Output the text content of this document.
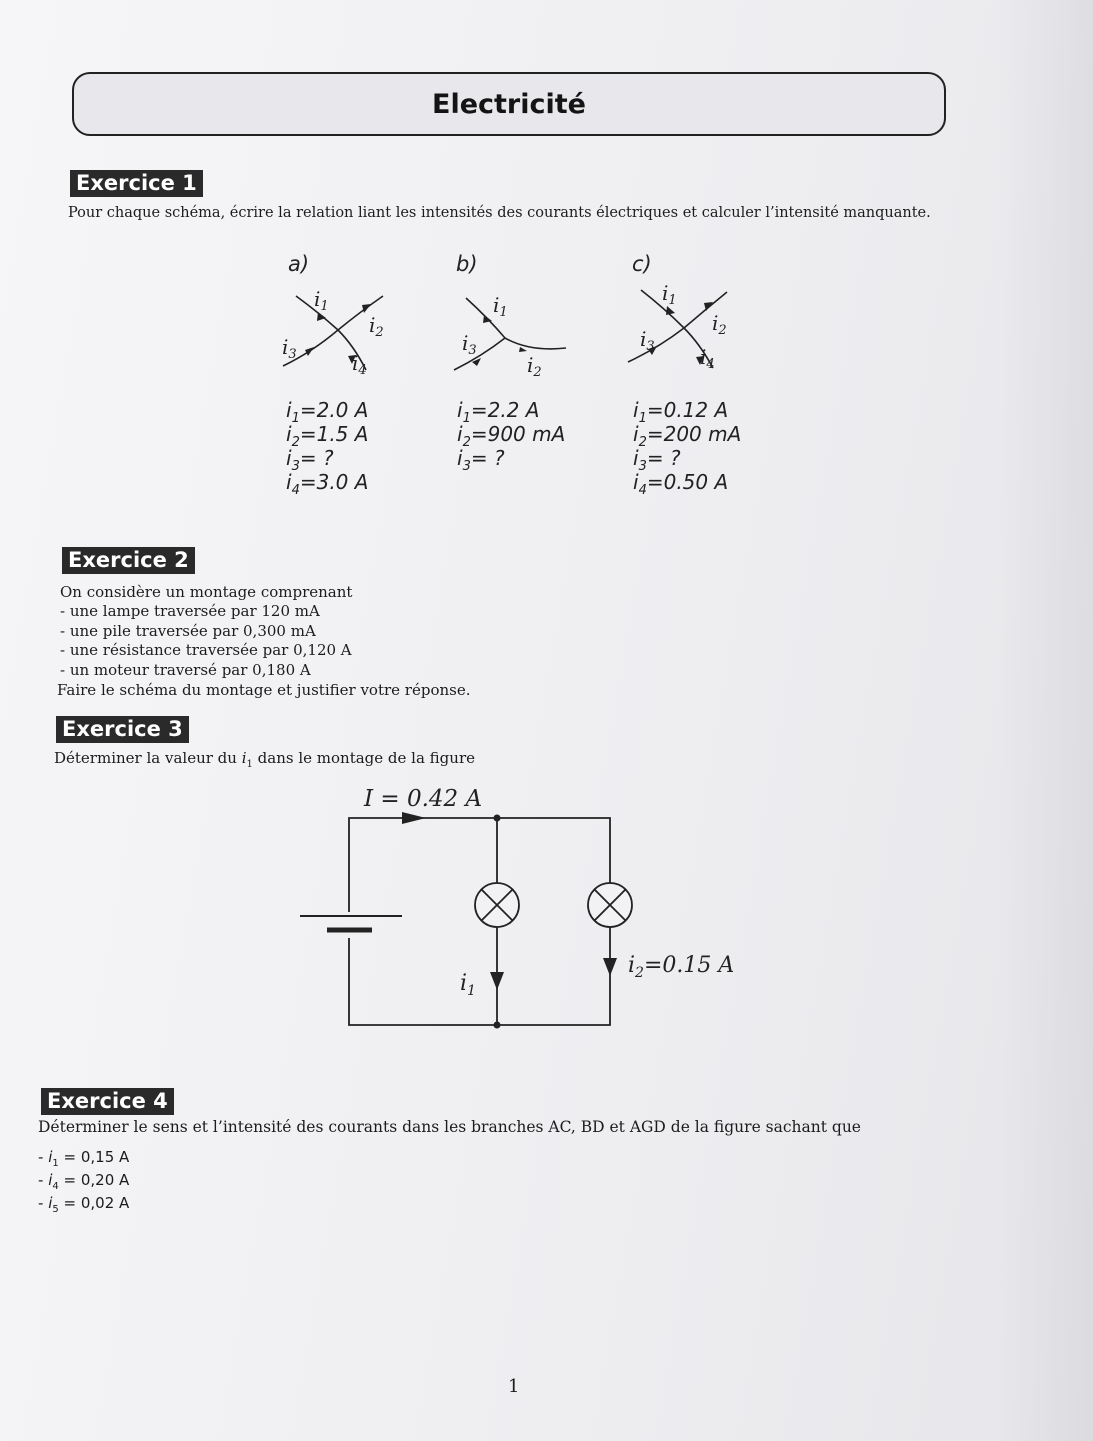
Electricité
Exercice 1
Pour chaque schéma, écrire la relation liant les intensités des courants électriques et calculer l’intensité manquante.
a)	b)	c)
$i_1$
$i_2$
$i_3$	$i_4$
$i_1$
$i_3$
$i_2$
$i_1$
$i_2$
$i_3$ $i_4$
$i_1=2.0$ A
$i_2=1.5$ A
$i_3=$ ?
$i_4=3.0$ A
$i_1=2.2$ A
$i_2=900$ mA
$i_3=$ ?
$i_1=0.12$ A
$i_2=200$ mA
$i_3=$ ?
$i_4=0.50$ A
Exercice 2
On considère un montage comprenant
- une lampe traversée par 120 mA
- une pile traversée par 0,300 mA
- une résistance traversée par 0,120 A
- un moteur traversé par 0,180 A
Faire le schéma du montage et justifier votre réponse.
Exercice 3
Déterminer la valeur du $i_1$ dans le montage de la figure
I = 0.42 A
$i_1$
$i_2=0.15$ A
Exercice 4
Déterminer le sens et l’intensité des courants dans les branches AC, BD et AGD de la figure sachant que
- $i_1 = 0,15$ A
- $i_4 = 0,20$ A
- $i_5 = 0,02$ A
1
